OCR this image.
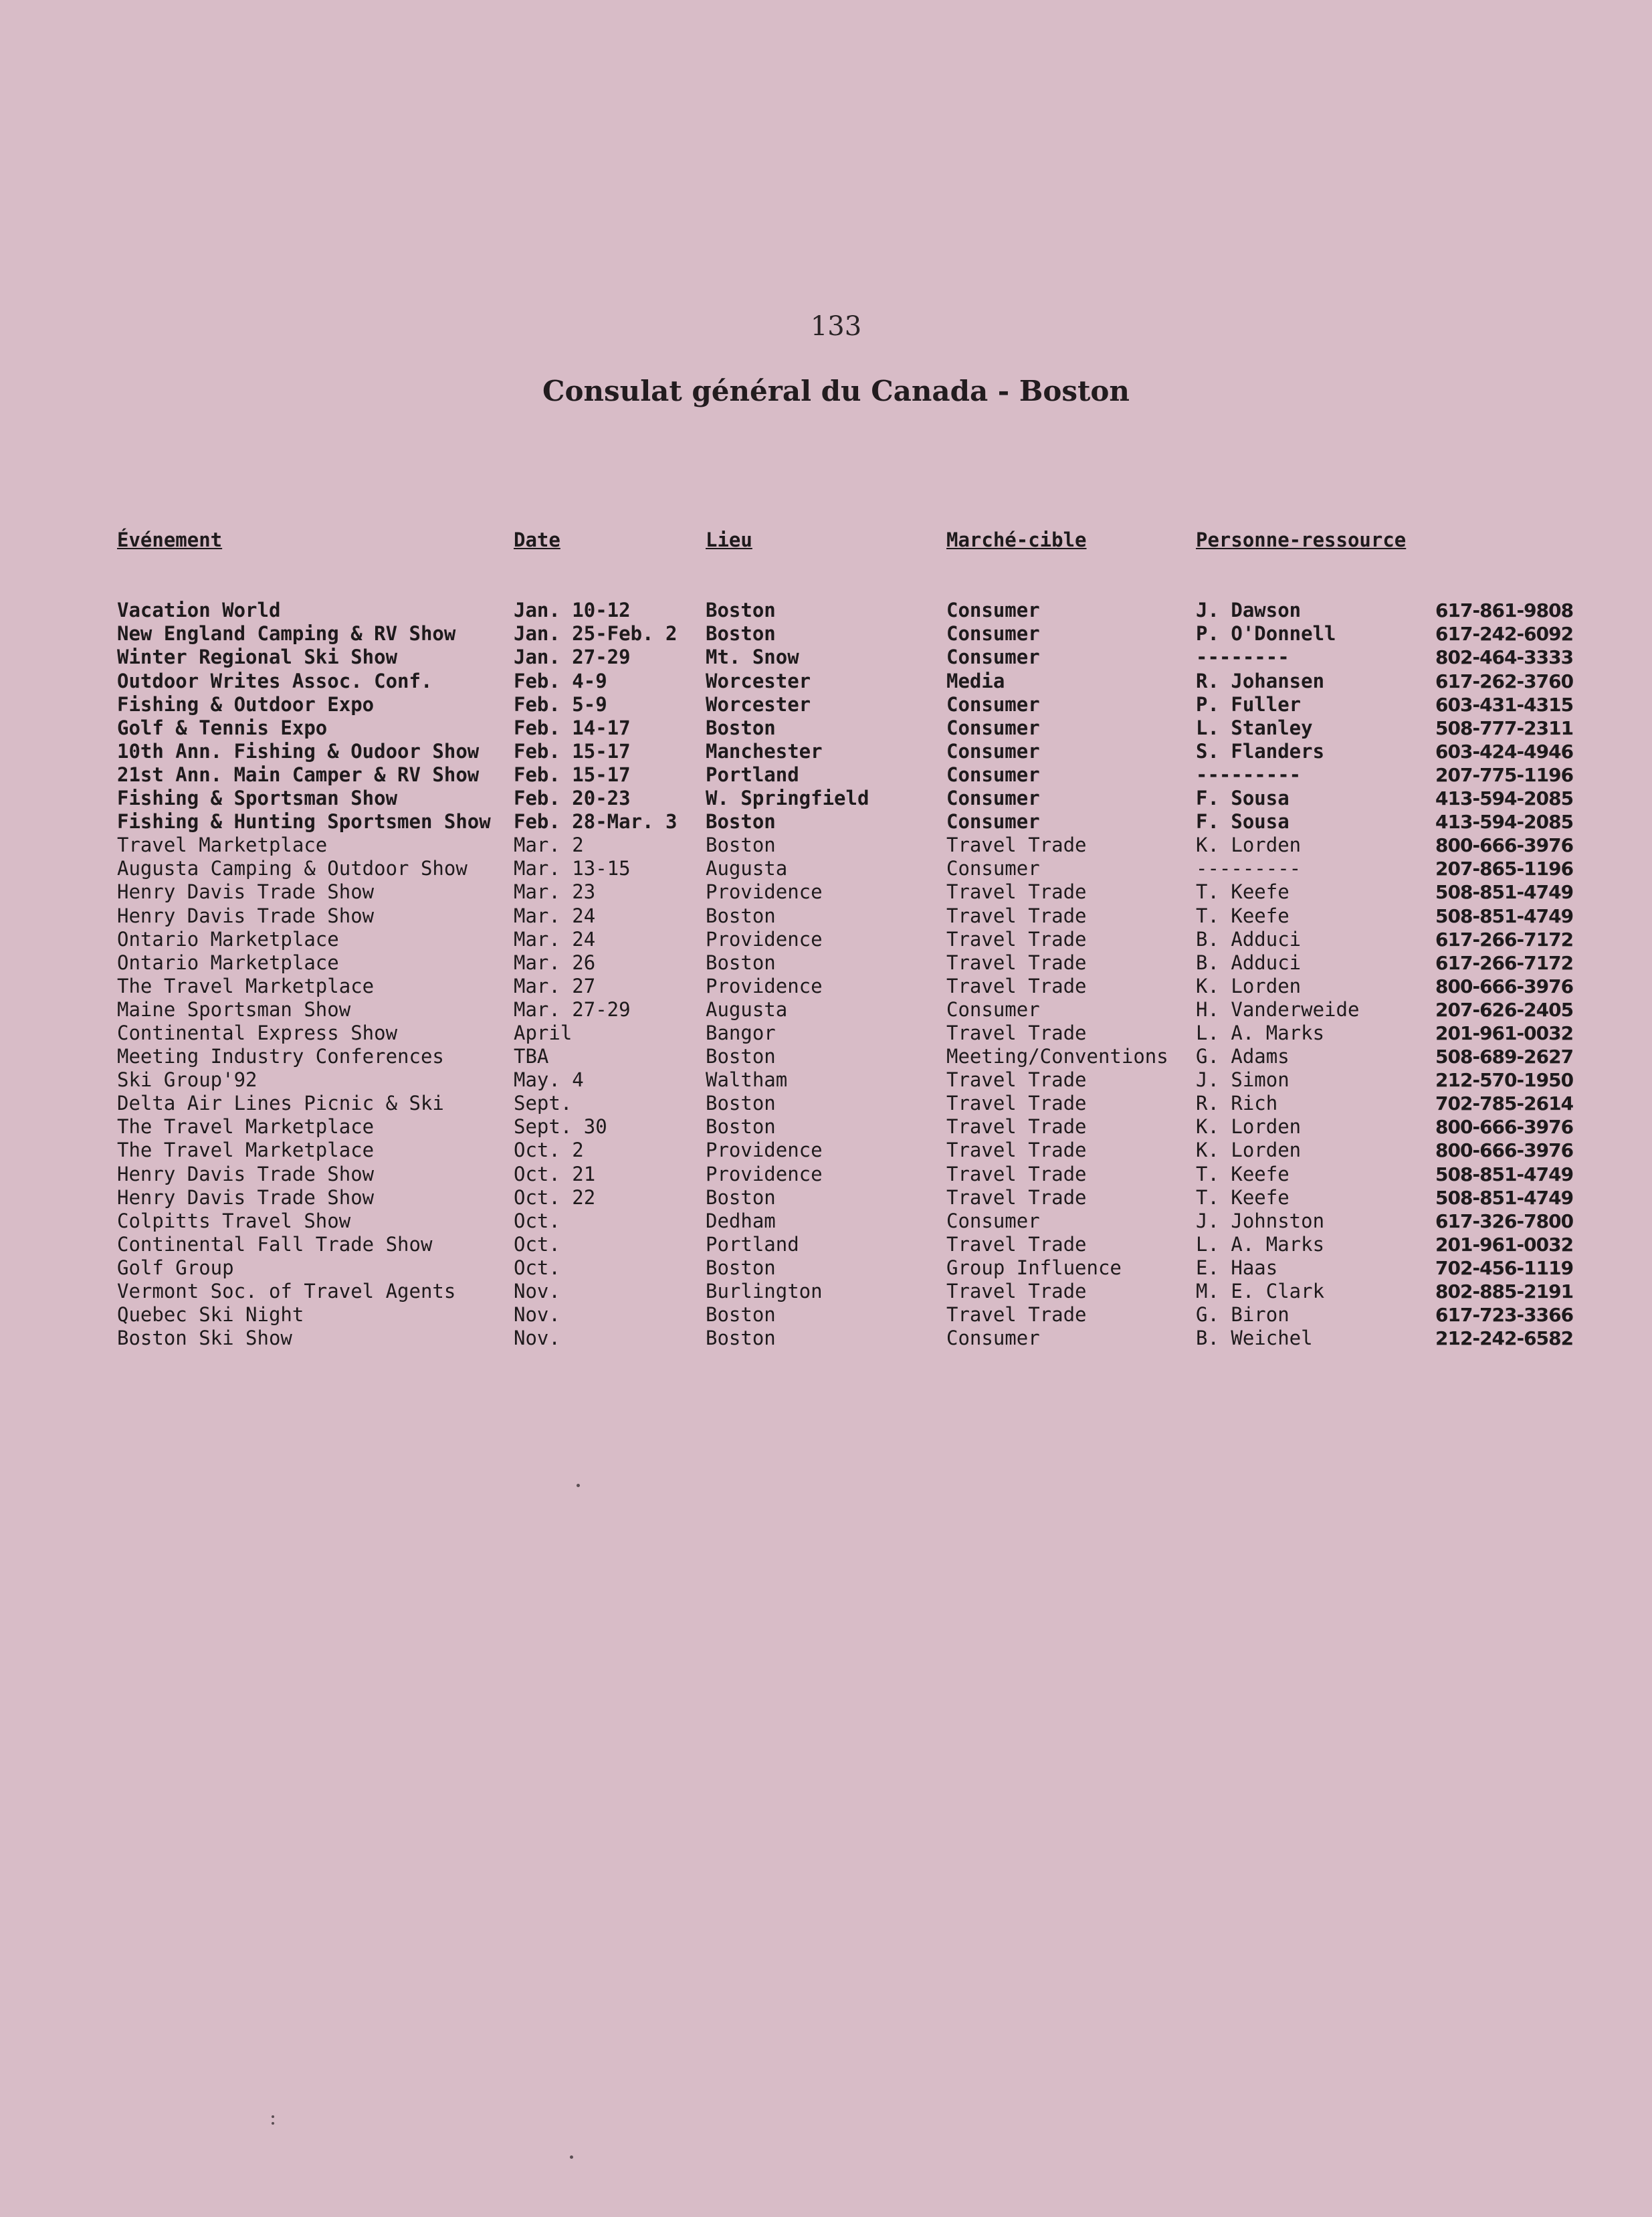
133
Consulat général du Canada - Boston

Événement

Vacation World
New England Camping & RV Show
Winter Regional Ski Show
Outdoor Writes Assoc. Conf.
Fishing & Outdoor Expo
Golf & Tennis Expo
10th Ann. Fishing & Oudoor Show
21st Ann. Main Camper & RV Show
Fishing & Sportsman Show
Fishing & Hunting Sportsmen Show
Travel Marketplace
Augusta Camping & Outdoor Show
Henry Davis Trade Show
Henry Davis Trade Show
Ontario Marketplace
Ontario Marketplace
The Travel Marketplace
Maine Sportsman Show
Continental Express Show
Meeting Industry Conferences
Ski Group'92
Delta Air Lines Picnic & Ski
The Travel Marketplace
The Travel Marketplace
Henry Davis Trade Show
Henry Davis Trade Show
Colpitts Travel Show
Continental Fall Trade Show
Golf Group
Vermont Soc. of Travel Agents
Quebec Ski Night
Boston Ski Show

Date

Jan. 10-12
Jan. 25-Feb. 2
Jan. 27-29
Feb. 4-9
Feb. 5-9
Feb. 14-17
Feb. 15-17
Feb. 15-17
Feb. 20-23
Feb. 28-Mar. 3
Mar. 2
Mar. 13-15
Mar. 23
Mar. 24
Mar. 24
Mar. 26
Mar. 27
Mar. 27-29
April
TBA
May. 4
Sept.
Sept. 30
Oct. 2
Oct. 21
Oct. 22
Oct.
Oct.
Oct.
Nov.
Nov.
Nov.

Lieu

Boston
Boston
Mt. Snow
Worcester
Worcester
Boston
Manchester
Portland
W. Springfield
Boston
Boston
Augusta
Providence
Boston
Providence
Boston
Providence
Augusta
Bangor
Boston
Waltham
Boston
Boston
Providence
Providence
Boston
Dedham
Portland
Boston
Burlington
Boston
Boston

Marché-cible

Consumer
Consumer
Consumer
Media
Consumer
Consumer
Consumer
Consumer
Consumer
Consumer
Travel Trade
Consumer
Travel Trade
Travel Trade
Travel Trade
Travel Trade
Travel Trade
Consumer
Travel Trade
Meeting/Conventions
Travel Trade
Travel Trade
Travel Trade
Travel Trade
Travel Trade
Travel Trade
Consumer
Travel Trade
Group Influence
Travel Trade
Travel Trade
Consumer

Personne-ressource

J. Dawson
P. O'Donnell
--------
R. Johansen
P. Fuller
L. Stanley
S. Flanders
---------
F. Sousa
F. Sousa
K. Lorden
---------
T. Keefe
T. Keefe
B. Adduci
B. Adduci
K. Lorden
H. Vanderweide
L. A. Marks
G. Adams
J. Simon
R. Rich
K. Lorden
K. Lorden
T. Keefe
T. Keefe
J. Johnston
L. A. Marks
E. Haas
M. E. Clark
G. Biron
B. Weichel

617-861-9808
617-242-6092
802-464-3333
617-262-3760
603-431-4315
508-777-2311
603-424-4946
207-775-1196
413-594-2085
413-594-2085
800-666-3976
207-865-1196
508-851-4749
508-851-4749
617-266-7172
617-266-7172
800-666-3976
207-626-2405
201-961-0032
508-689-2627
212-570-1950
702-785-2614
800-666-3976
800-666-3976
508-851-4749
508-851-4749
617-326-7800
201-961-0032
702-456-1119
802-885-2191
617-723-3366
212-242-6582
